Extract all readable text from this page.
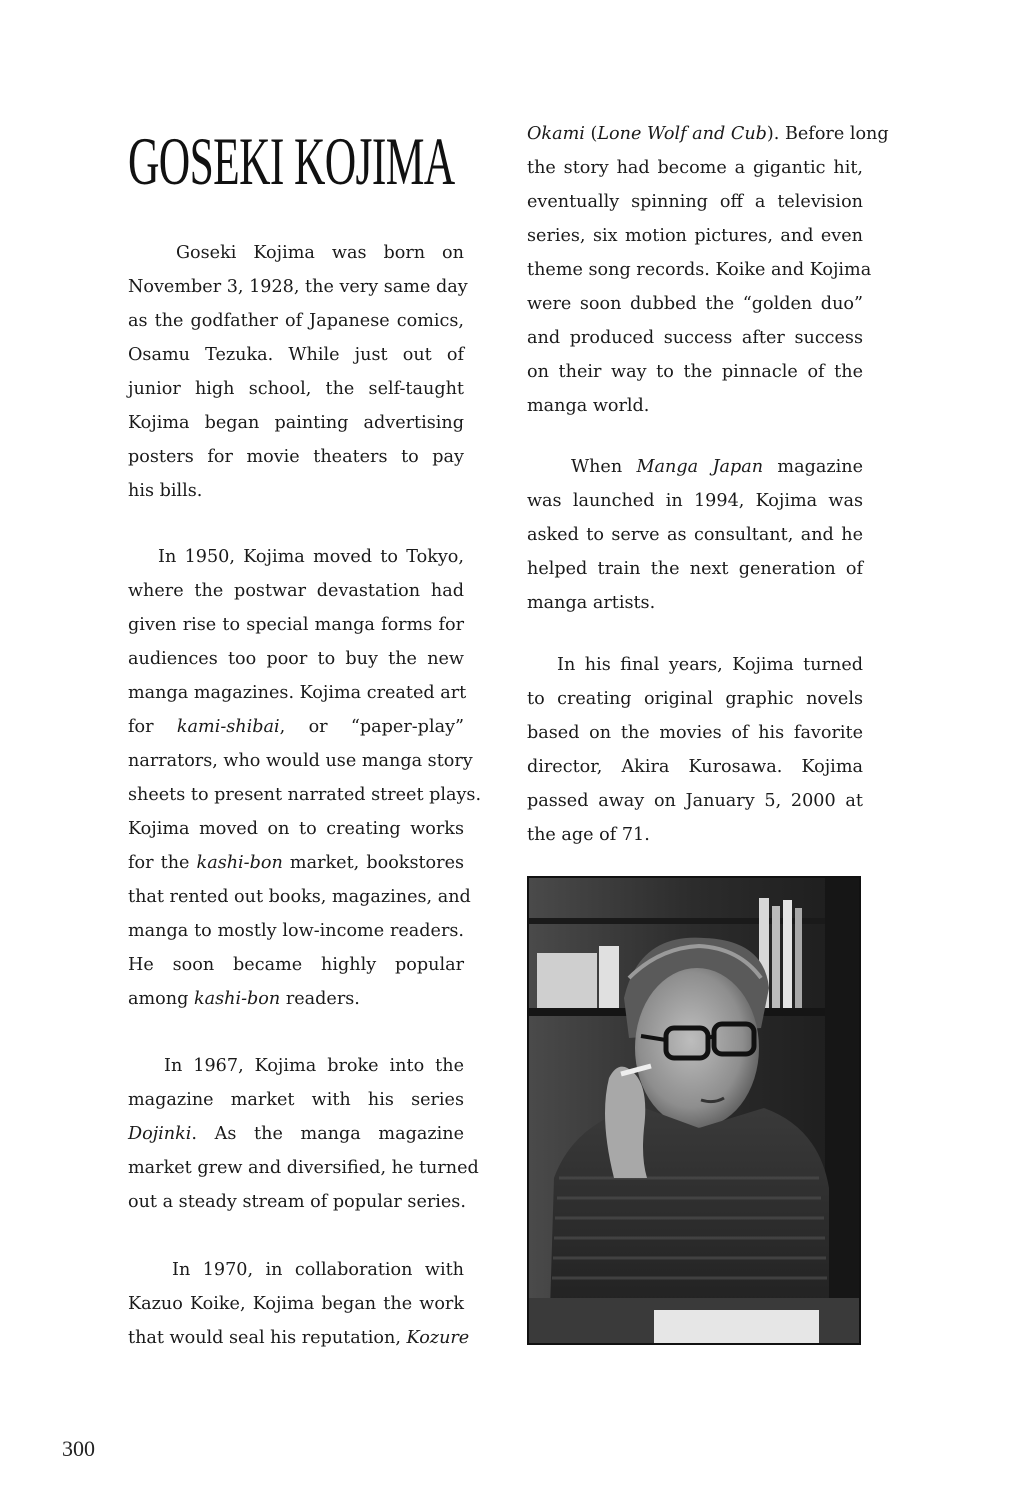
GOSEKI KOJIMA

Goseki Kojima was born on
November 3, 1928, the very same day
as the godfather of Japanese comics,
Osamu Tezuka. While just out of
junior high school, the self-taught
Kojima began painting advertising
posters for movie theaters to pay
his bills.

In 1950, Kojima moved to Tokyo,
where the postwar devastation had
given rise to special manga forms for
audiences too poor to buy the new
manga magazines. Kojima created art
for kami-shibai, or “paper-play”
narrators, who would use manga story
sheets to present narrated street plays.
Kojima moved on to creating works
for the kashi-bon market, bookstores
that rented out books, magazines, and
manga to mostly low-income readers.
He soon became highly popular
among kashi-bon readers.

In 1967, Kojima broke into the
magazine market with his series
Dojinki. As the manga magazine
market grew and diversified, he turned
out a steady stream of popular series.

In 1970, in collaboration with
Kazuo Koike, Kojima began the work
that would seal his reputation, Kozure

Okami (Lone Wolf and Cub). Before long
the story had become a gigantic hit,
eventually spinning off a television
series, six motion pictures, and even
theme song records. Koike and Kojima
were soon dubbed the “golden duo”
and produced success after success
on their way to the pinnacle of the
manga world.

When Manga Japan magazine
was launched in 1994, Kojima was
asked to serve as consultant, and he
helped train the next generation of
manga artists.

In his final years, Kojima turned
to creating original graphic novels
based on the movies of his favorite
director, Akira Kurosawa. Kojima
passed away on January 5, 2000 at
the age of 71.

300
